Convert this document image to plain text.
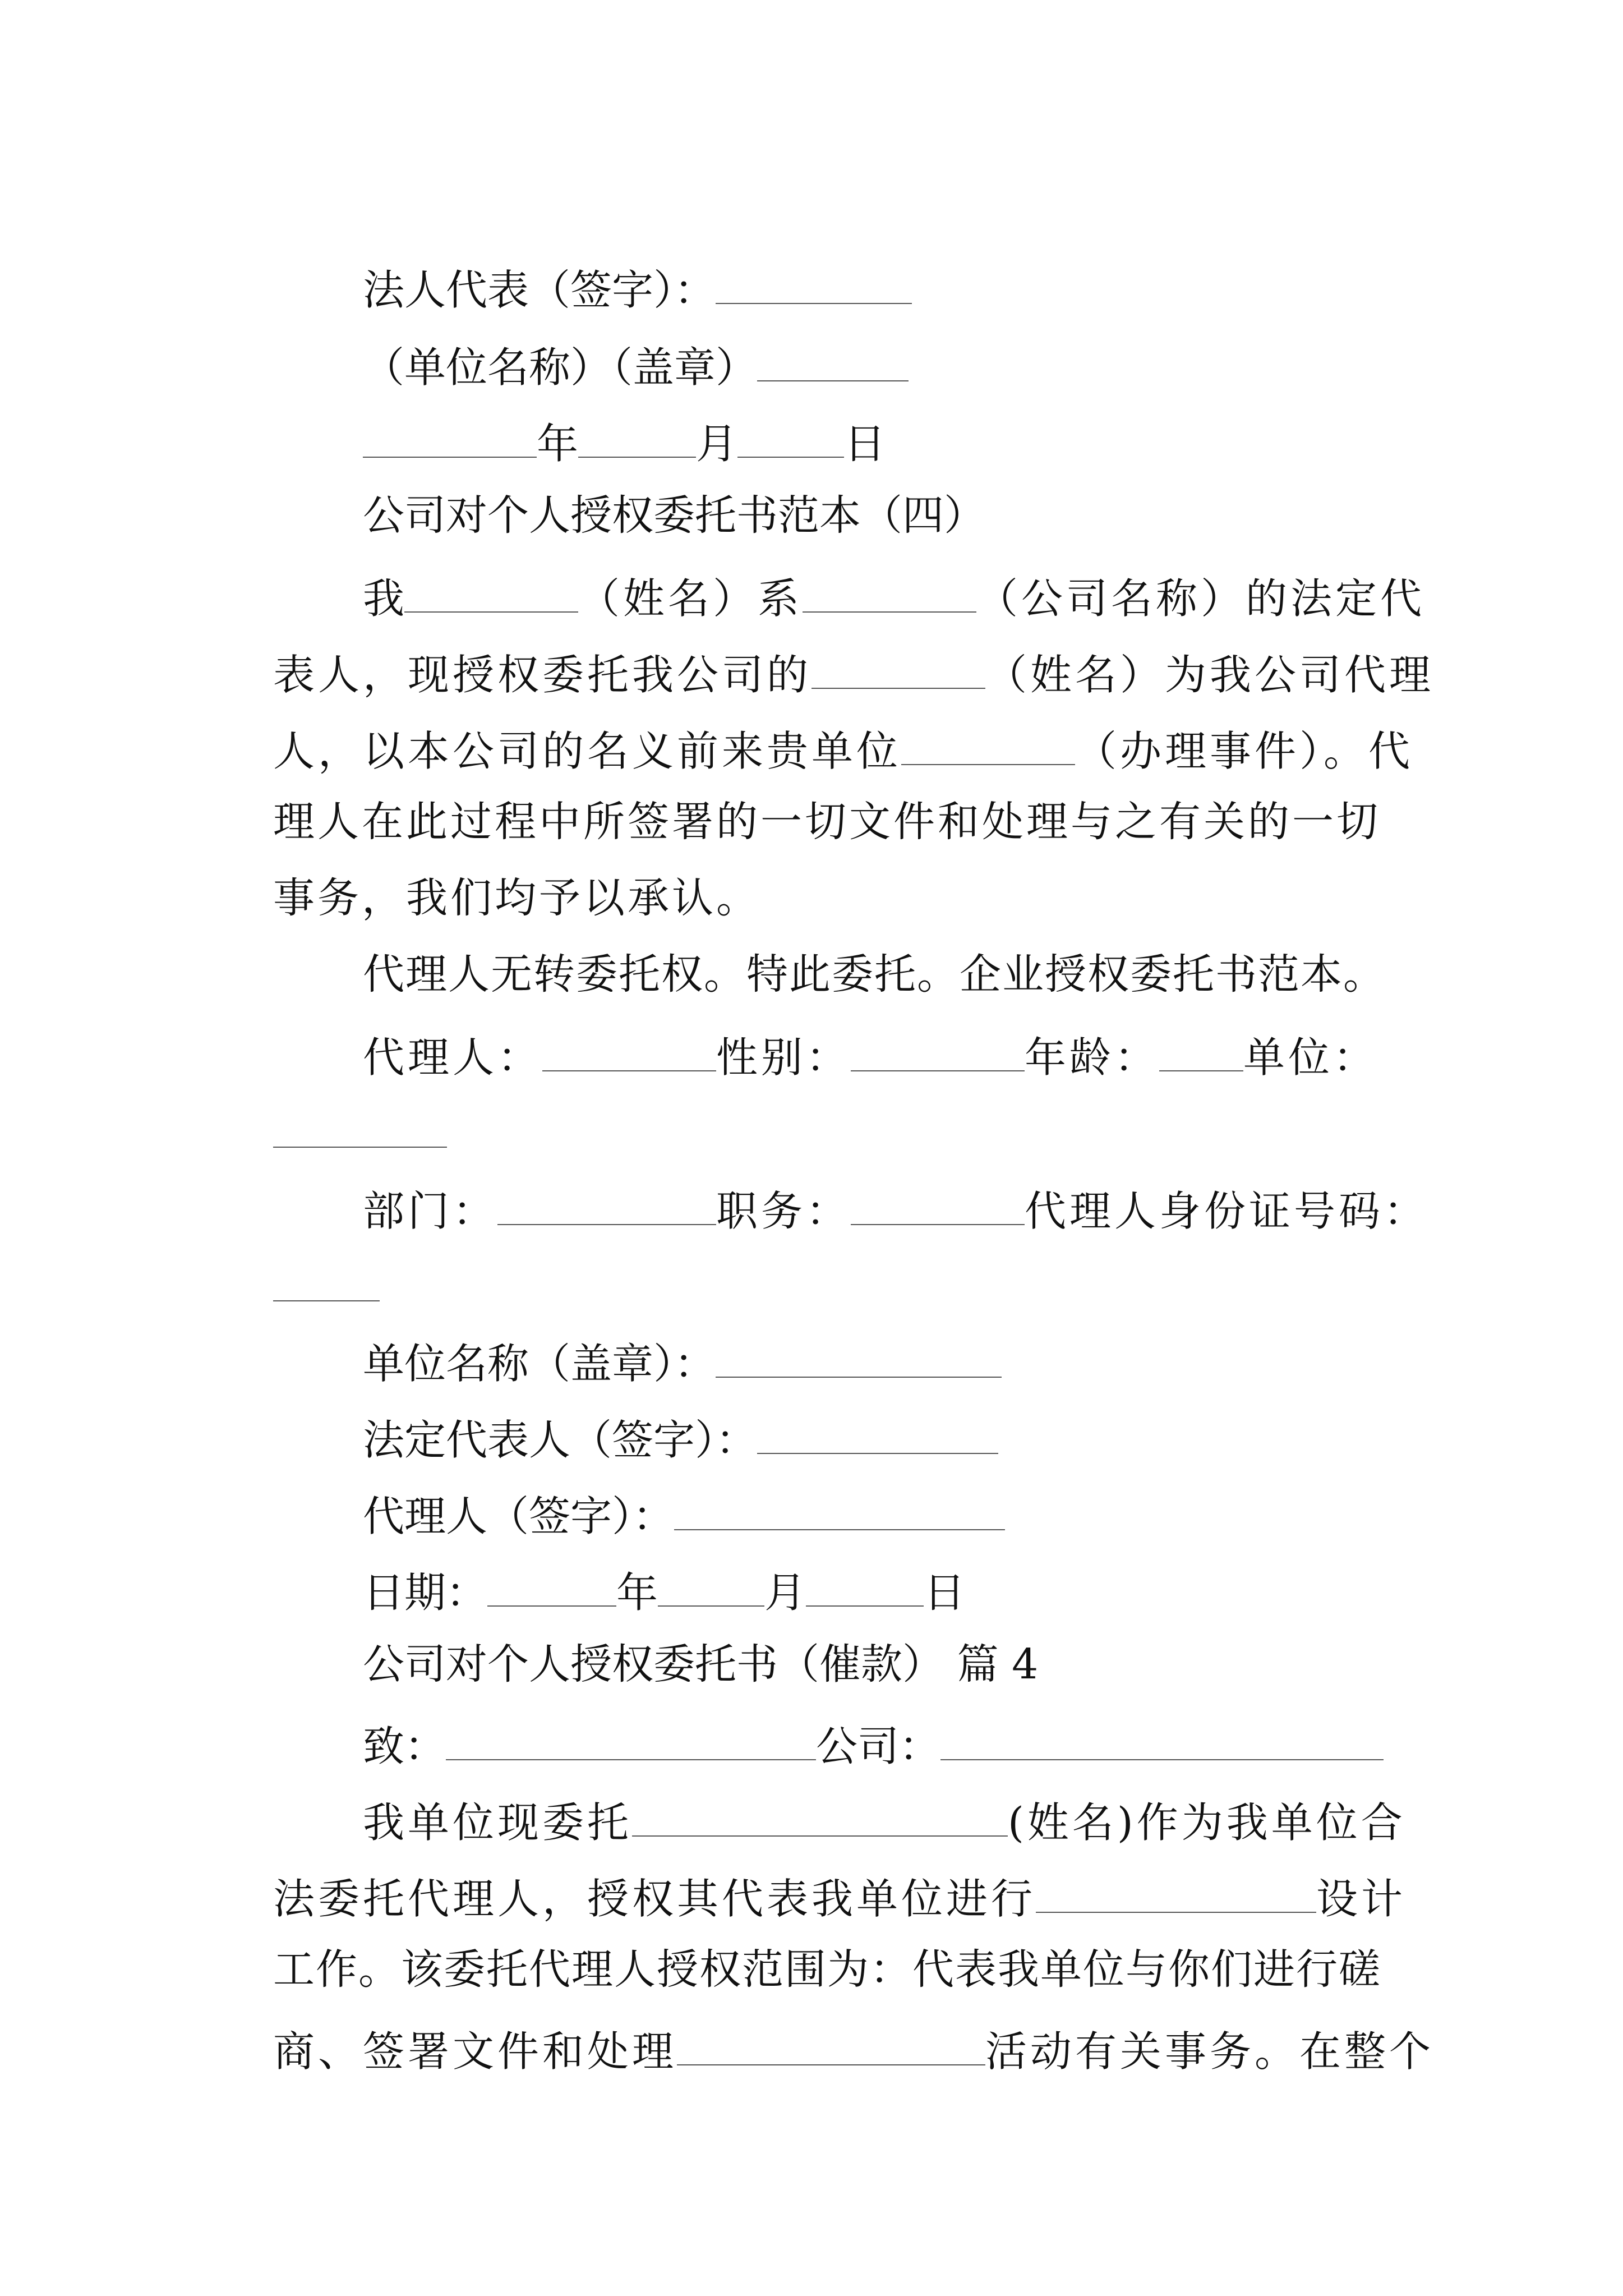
法人代表（签字）：

（单位名称）（盖章）

年	月	日

公司对个人授权委托书范本（四）

我	（姓名）系	（公司名称）的法定代

表人，现授权委托我公司的	（姓名）为我公司代理

人，以本公司的名义前来贵单位	（办理事件）。代

理人在此过程中所签署的一切文件和处理与之有关的一切

事务，我们均予以承认。

代理人无转委托权。特此委托。企业授权委托书范本。

代理人：	性别：	年龄： 单位：

部门：	职务：	代理人身份证号码：

单位名称（盖章）：

法定代表人（签字）：

代理人（签字）：

日期：	年	月	日

公司对个人授权委托书（催款） 篇 4

致：	公司：

我单位现委托	(姓名)作为我单位合

法委托代理人，授权其代表我单位进行	设计

工作。该委托代理人授权范围为：代表我单位与你们进行磋

商、签署文件和处理	活动有关事务。在整个
